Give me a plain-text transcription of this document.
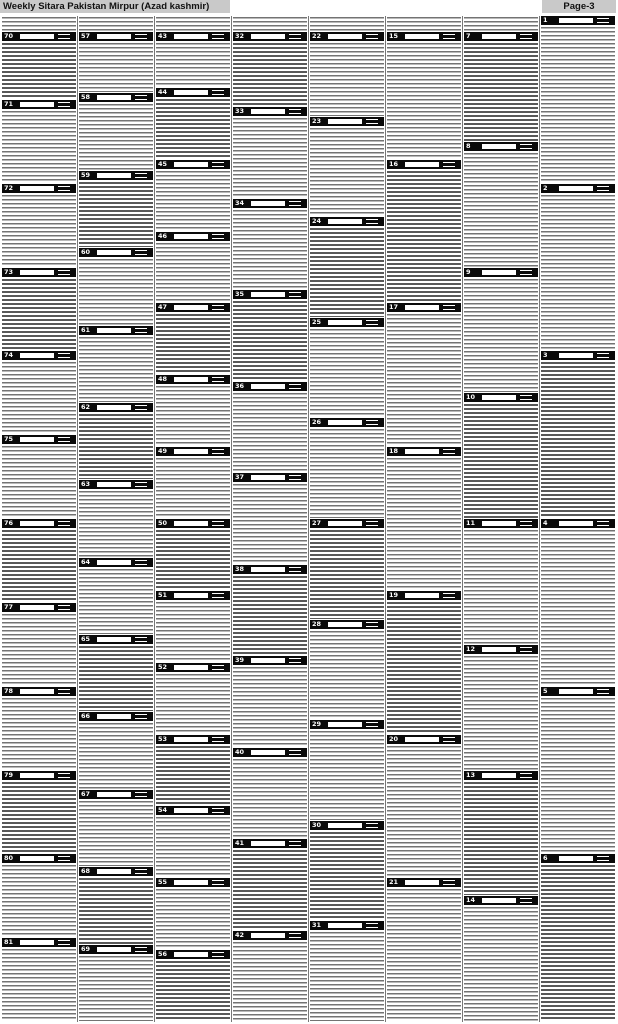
Weekly Sitara Pakistan Mirpur (Azad kashmir)	Page-3
70
71
72
73
74
75
76
77
78
79
80
81
57
58
59
60
61
62
63
64
65
66
67
68
69
43
44
45
46
47
48
49
50
51
52
53
54
55
56
32
33
34
35
36
37
38
39
40
41
42
22
23
24
25
26
27
28
29
30
31
15
16
17
18
19
20
21
7
8
9
10
11
12
13
14
1
2
3
4
5
6
